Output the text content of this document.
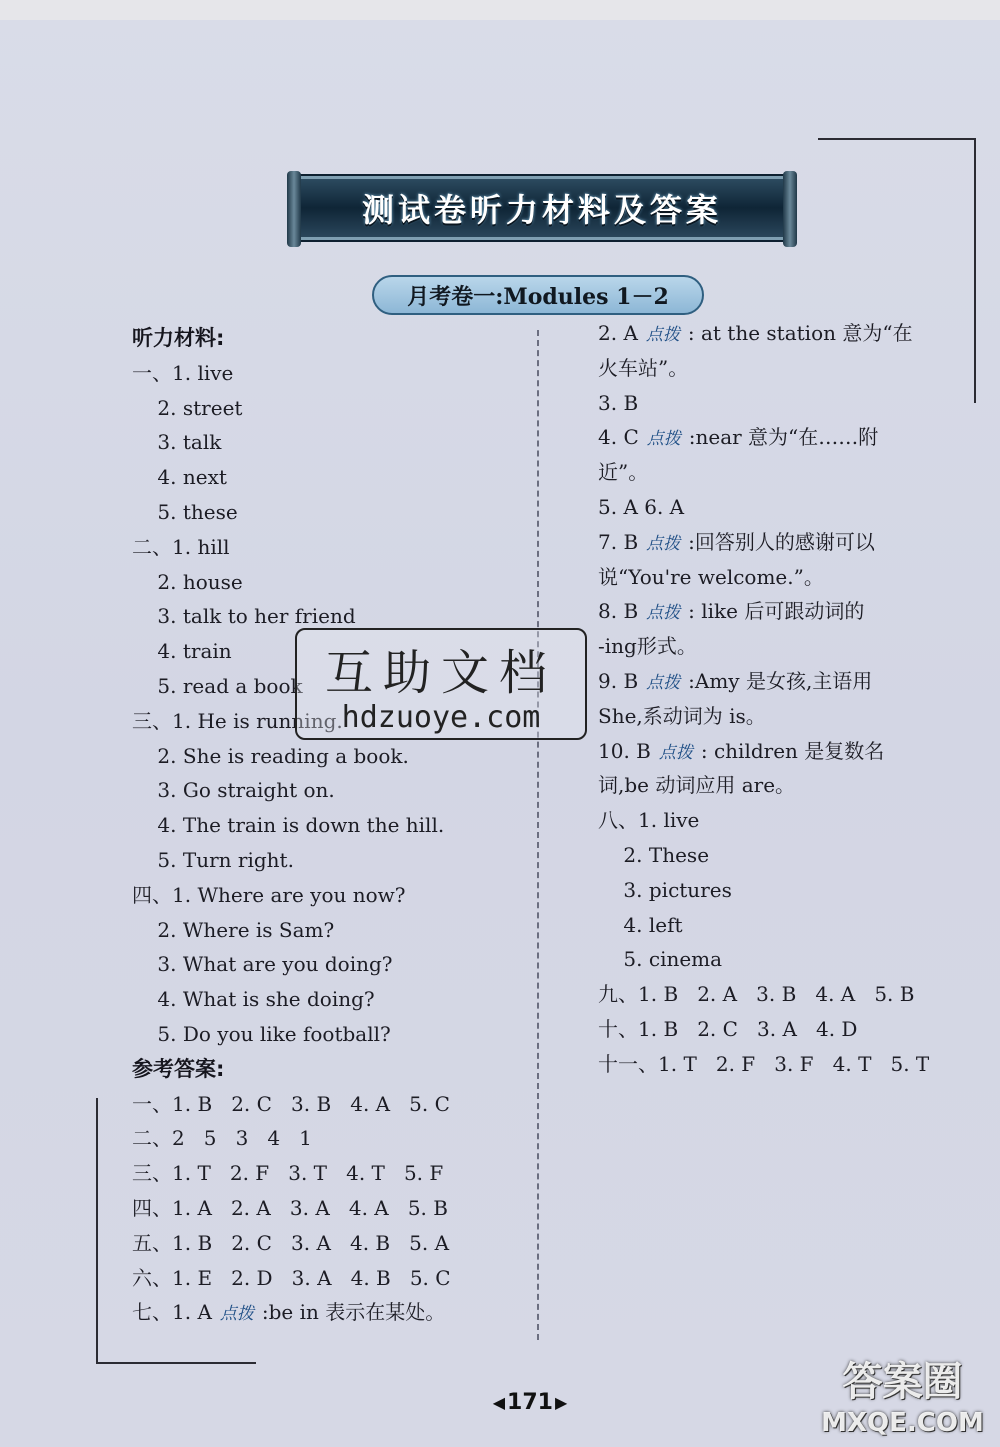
测试卷听力材料及答案
月考卷一:Modules 1－2
听力材料:
一、1. live
2. street
3. talk
4. next
5. these
二、1. hill
2. house
3. talk to her friend
4. train
5. read a book
三、1. He is running.
2. She is reading a book.
3. Go straight on.
4. The train is down the hill.
5. Turn right.
四、1. Where are you now?
2. Where is Sam?
3. What are you doing?
4. What is she doing?
5. Do you like football?
参考答案:
一、1. B   2. C   3. B   4. A   5. C
二、2   5   3   4   1
三、1. T   2. F   3. T   4. T   5. F
四、1. A   2. A   3. A   4. A   5. B
五、1. B   2. C   3. A   4. B   5. A
六、1. E   2. D   3. A   4. B   5. C
七、1. A 点拨 :be in 表示在某处。
2. A 点拨 : at the station 意为“在
火车站”。
3. B
4. C 点拨 :near 意为“在……附
近”。
5. A 6. A
7. B 点拨 :回答别人的感谢可以
说“You're welcome.”。
8. B 点拨 : like 后可跟动词的
-ing形式。
9. B 点拨 :Amy 是女孩,主语用
She,系动词为 is。
10. B 点拨 : children 是复数名
词,be 动词应用 are。
八、1. live
2. These
3. pictures
4. left
5. cinema
九、1. B   2. A   3. B   4. A   5. B
十、1. B   2. C   3. A   4. D
十一、1. T   2. F   3. F   4. T   5. T
互助文档
hdzuoye.com
◀ 171 ▶	答案圈
MXQE.COM
